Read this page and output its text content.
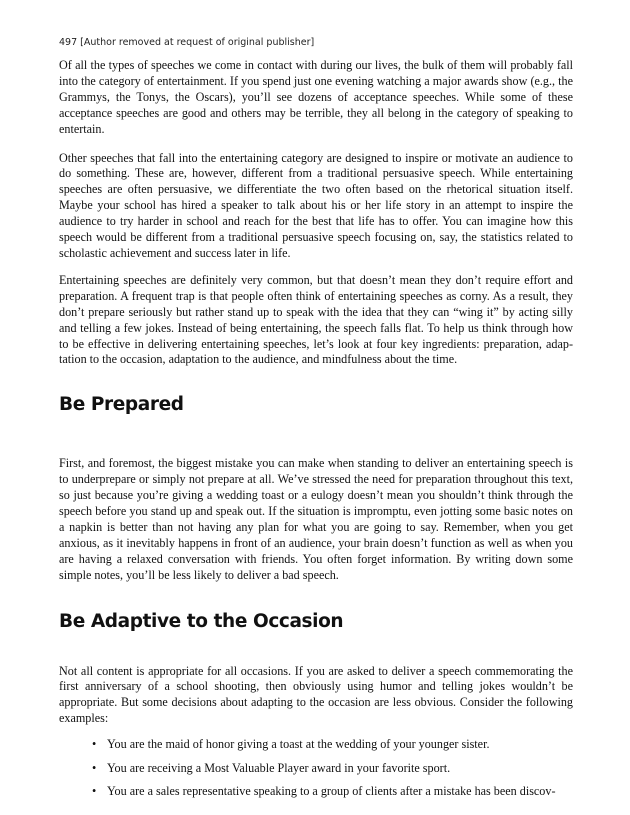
497 [Author removed at request of original publisher]

Of all the types of speeches we come in contact with during our lives, the bulk of them will probably fall into the category of entertainment. If you spend just one evening watching a major awards show (e.g., the Grammys, the Tonys, the Oscars), you’ll see dozens of acceptance speeches. While some of these acceptance speeches are good and others may be terrible, they all belong in the category of speaking to entertain.

Other speeches that fall into the entertaining category are designed to inspire or motivate an audience to do something. These are, however, different from a traditional persuasive speech. While entertaining speeches are often persuasive, we differentiate the two often based on the rhetorical situation itself. Maybe your school has hired a speaker to talk about his or her life story in an attempt to inspire the audience to try harder in school and reach for the best that life has to offer. You can imagine how this speech would be different from a traditional persuasive speech focusing on, say, the statistics related to scholastic achievement and success later in life.

Entertaining speeches are definitely very common, but that doesn’t mean they don’t require effort and preparation. A frequent trap is that people often think of entertaining speeches as corny. As a result, they don’t prepare seriously but rather stand up to speak with the idea that they can “wing it” by acting silly and telling a few jokes. Instead of being entertaining, the speech falls flat. To help us think through how to be effective in delivering entertaining speeches, let’s look at four key ingredients: preparation, adaptation to the occasion, adaptation to the audience, and mindfulness about the time.

Be Prepared

First, and foremost, the biggest mistake you can make when standing to deliver an entertaining speech is to underprepare or simply not prepare at all. We’ve stressed the need for preparation throughout this text, so just because you’re giving a wedding toast or a eulogy doesn’t mean you shouldn’t think through the speech before you stand up and speak out. If the situation is impromptu, even jotting some basic notes on a napkin is better than not having any plan for what you are going to say. Remember, when you get anxious, as it inevitably happens in front of an audience, your brain doesn’t function as well as when you are having a relaxed conversation with friends. You often forget information. By writing down some simple notes, you’ll be less likely to deliver a bad speech.

Be Adaptive to the Occasion

Not all content is appropriate for all occasions. If you are asked to deliver a speech commemorating the first anniversary of a school shooting, then obviously using humor and telling jokes wouldn’t be appropriate. But some decisions about adapting to the occasion are less obvious. Consider the following examples:

• You are the maid of honor giving a toast at the wedding of your younger sister.
• You are receiving a Most Valuable Player award in your favorite sport.
• You are a sales representative speaking to a group of clients after a mistake has been discov-
